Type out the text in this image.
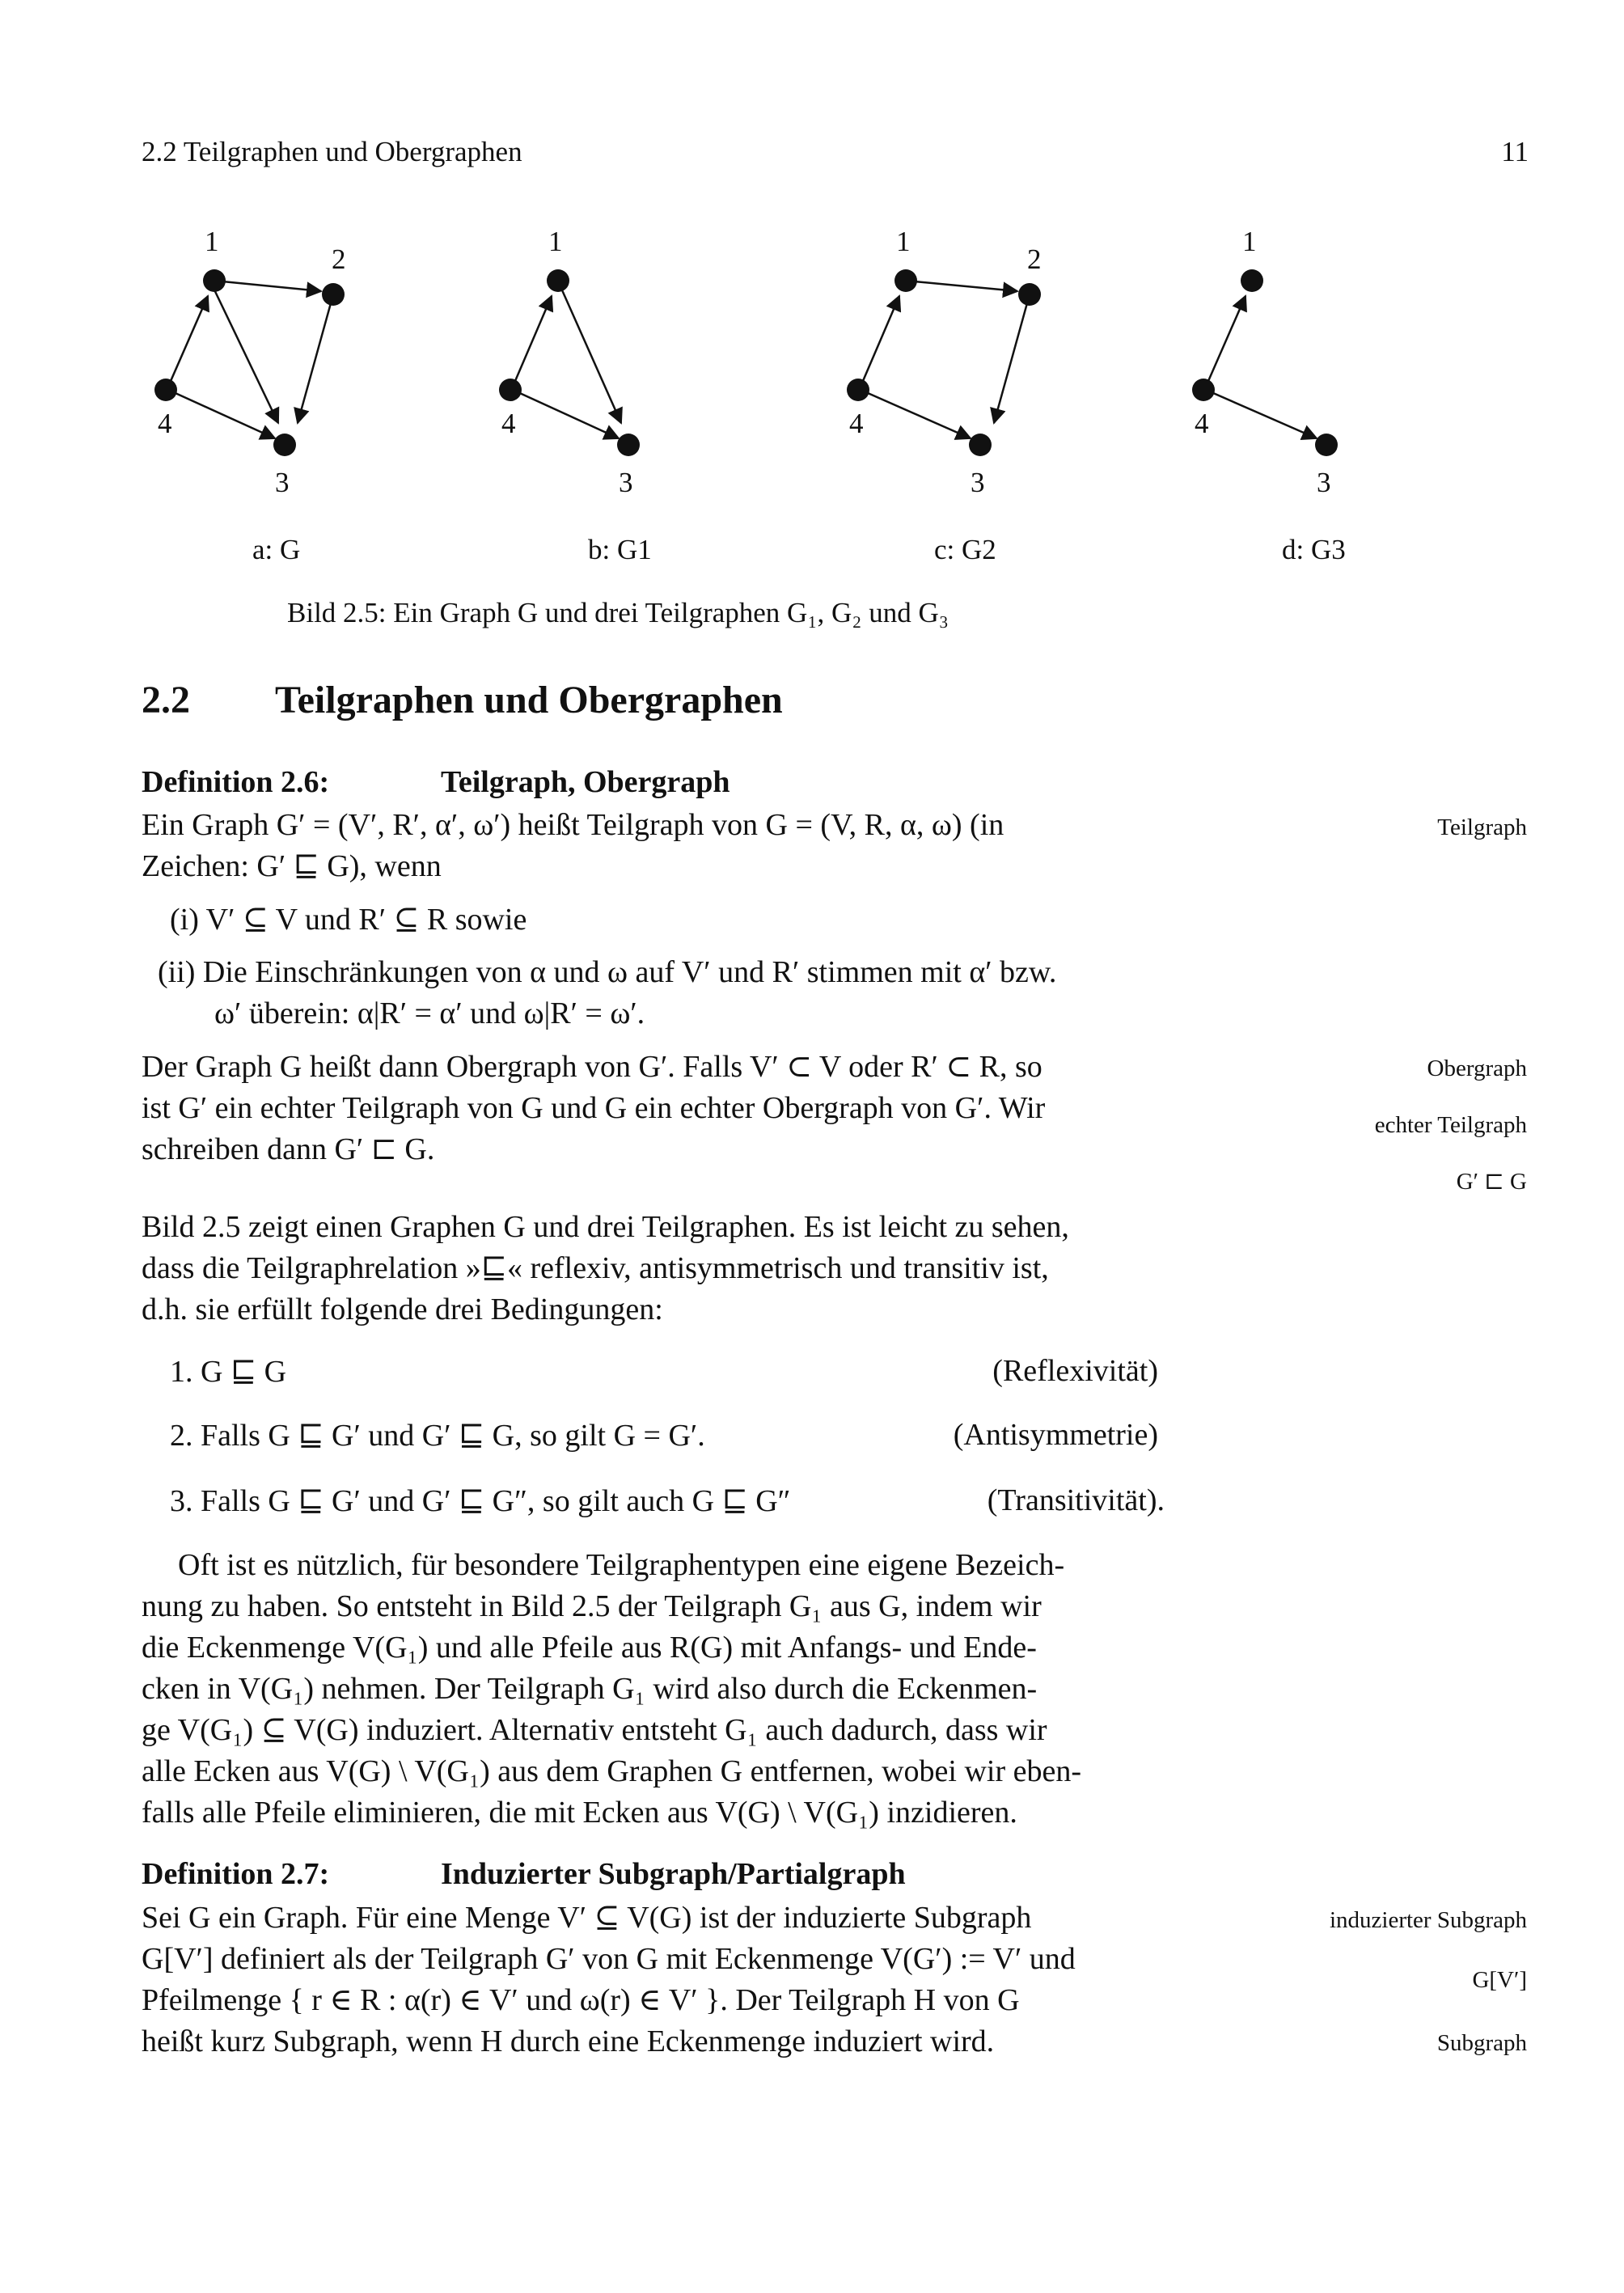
2.2 Teilgraphen und Obergraphen	11
1
2
3
4
1
3
4
1
2
3
4
1
3
4
a: G	b: G1	c: G2	d: G3
Bild 2.5: Ein Graph G und drei Teilgraphen G₁, G₂ und G₃
2.2 Teilgraphen und Obergraphen
Definition 2.6:	Teilgraph, Obergraph
Ein Graph G′ = (V′, R′, α′, ω′) heißt Teilgraph von G = (V, R, α, ω) (in
Zeichen: G′ ⊑ G), wenn
(i) V′ ⊆ V und R′ ⊆ R sowie
(ii) Die Einschränkungen von α und ω auf V′ und R′ stimmen mit α′ bzw.
ω′ überein: α|R′ = α′ und ω|R′ = ω′.
Der Graph G heißt dann Obergraph von G′. Falls V′ ⊂ V oder R′ ⊂ R, so
ist G′ ein echter Teilgraph von G und G ein echter Obergraph von G′. Wir
schreiben dann G′ ⊏ G.
Teilgraph
Obergraph
echter Teilgraph
G′ ⊏ G
Bild 2.5 zeigt einen Graphen G und drei Teilgraphen. Es ist leicht zu sehen,
dass die Teilgraphrelation »⊑« reflexiv, antisymmetrisch und transitiv ist,
d.h. sie erfüllt folgende drei Bedingungen:
1. G ⊑ G	(Reflexivität)
2. Falls G ⊑ G′ und G′ ⊑ G, so gilt G = G′.	(Antisymmetrie)
3. Falls G ⊑ G′ und G′ ⊑ G″, so gilt auch G ⊑ G″	(Transitivität).
Oft ist es nützlich, für besondere Teilgraphentypen eine eigene Bezeich-
nung zu haben. So entsteht in Bild 2.5 der Teilgraph G₁ aus G, indem wir
die Eckenmenge V(G₁) und alle Pfeile aus R(G) mit Anfangs- und Ende-
cken in V(G₁) nehmen. Der Teilgraph G₁ wird also durch die Eckenmen-
ge V(G₁) ⊆ V(G) induziert. Alternativ entsteht G₁ auch dadurch, dass wir
alle Ecken aus V(G) \ V(G₁) aus dem Graphen G entfernen, wobei wir eben-
falls alle Pfeile eliminieren, die mit Ecken aus V(G) \ V(G₁) inzidieren.
Definition 2.7:	Induzierter Subgraph/Partialgraph
Sei G ein Graph. Für eine Menge V′ ⊆ V(G) ist der induzierte Subgraph
G[V′] definiert als der Teilgraph G′ von G mit Eckenmenge V(G′) := V′ und
Pfeilmenge { r ∈ R : α(r) ∈ V′ und ω(r) ∈ V′ }. Der Teilgraph H von G
heißt kurz Subgraph, wenn H durch eine Eckenmenge induziert wird.
induzierter Subgraph
G[V′]
Subgraph
